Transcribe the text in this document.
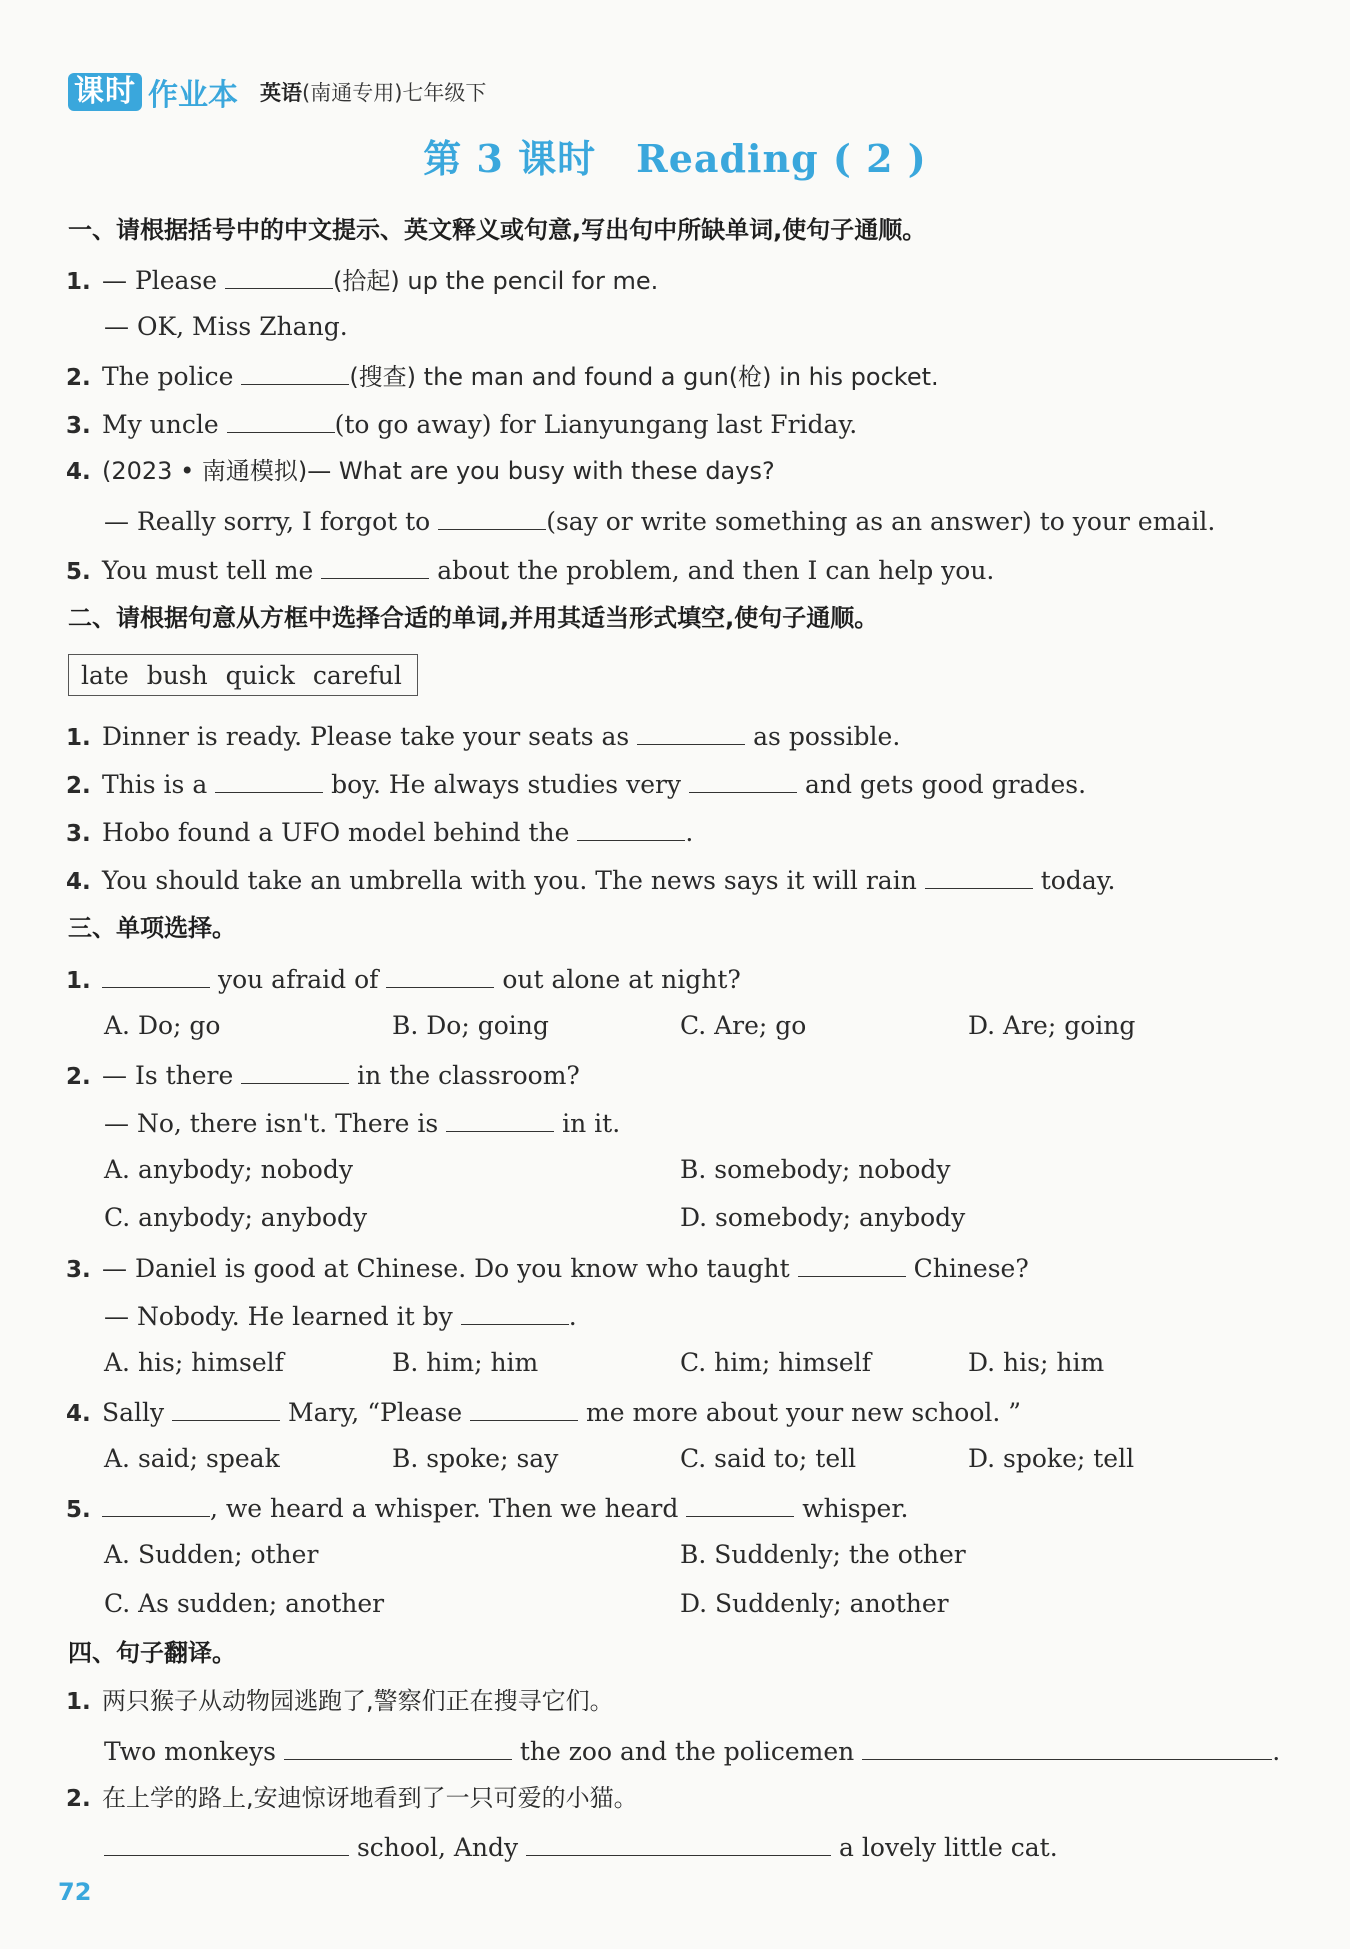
课时 作业本 英语 (南通专用)七年级下
第 3 课时 Reading ( 2 )
一、请根据括号中的中文提示、英文释义或句意,写出句中所缺单词,使句子通顺。
1. — Please	(拾起) up the pencil for me.
— OK, Miss Zhang.
2. The police	(搜查) the man and found a gun(枪) in his pocket.
3. My uncle	(to go away) for Lianyungang last Friday.
4. (2023 • 南通模拟)— What are you busy with these days?
— Really sorry, I forgot to	(say or write something as an answer) to your email.
5. You must tell me	about the problem, and then I can help you.
二、请根据句意从方框中选择合适的单词,并用其适当形式填空,使句子通顺。
late bush quick careful
1. Dinner is ready. Please take your seats as	as possible.
2. This is a	boy. He always studies very	and gets good grades.
3. Hobo found a UFO model behind the	.
4. You should take an umbrella with you. The news says it will rain	today.
三、单项选择。
1.	you afraid of	out alone at night?
A. Do; go	B. Do; going	C. Are; go	D. Are; going
2. — Is there	in the classroom?
— No, there isn't. There is	in it.
A. anybody; nobody	B. somebody; nobody
C. anybody; anybody	D. somebody; anybody
3. — Daniel is good at Chinese. Do you know who taught	Chinese?
— Nobody. He learned it by	.
A. his; himself	B. him; him	C. him; himself	D. his; him
4. Sally	Mary, “Please	me more about your new school. ”
A. said; speak	B. spoke; say	C. said to; tell	D. spoke; tell
5.	, we heard a whisper. Then we heard	whisper.
A. Sudden; other	B. Suddenly; the other
C. As sudden; another	D. Suddenly; another
四、句子翻译。
1. 两只猴子从动物园逃跑了,警察们正在搜寻它们。
Two monkeys	the zoo and the policemen	.
2. 在上学的路上,安迪惊讶地看到了一只可爱的小猫。
school, Andy	a lovely little cat.
72
